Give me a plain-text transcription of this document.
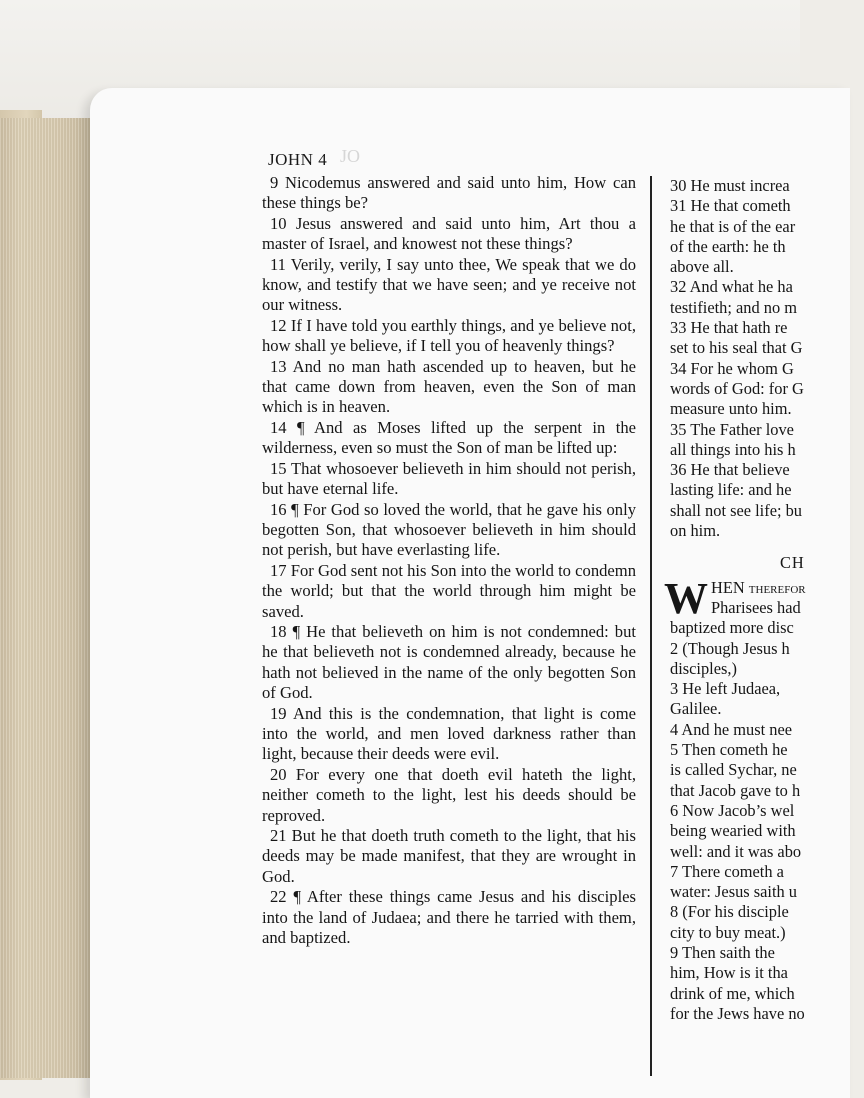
JO
JOHN 4

9 Nicodemus answered and said unto him, How can these things be?

10 Jesus answered and said unto him, Art thou a master of Israel, and knowest not these things?

11 Verily, verily, I say unto thee, We speak that we do know, and testify that we have seen; and ye receive not our witness.

12 If I have told you earthly things, and ye believe not, how shall ye believe, if I tell you of heavenly things?

13 And no man hath ascended up to heaven, but he that came down from heaven, even the Son of man which is in heaven.

14 ¶ And as Moses lifted up the serpent in the wilderness, even so must the Son of man be lifted up:

15 That whosoever believeth in him should not perish, but have eternal life.

16 ¶ For God so loved the world, that he gave his only begotten Son, that whosoever believeth in him should not perish, but have everlasting life.

17 For God sent not his Son into the world to condemn the world; but that the world through him might be saved.

18 ¶ He that believeth on him is not condemned: but he that believeth not is condemned already, because he hath not believed in the name of the only begotten Son of God.

19 And this is the condemnation, that light is come into the world, and men loved darkness rather than light, because their deeds were evil.

20 For every one that doeth evil hateth the light, neither cometh to the light, lest his deeds should be reproved.

21 But he that doeth truth cometh to the light, that his deeds may be made manifest, that they are wrought in God.

22 ¶ After these things came Jesus and his disciples into the land of Judaea; and there he tarried with them, and baptized.

30 He must increa

31 He that cometh

he that is of the ear

of the earth: he th

above all.

32 And what he ha

testifieth; and no m

33 He that hath re

set to his seal that G

34 For he whom G

words of God: for G

measure unto him.

35 The Father love

all things into his h

36 He that believe

lasting life: and he

shall not see life; bu

on him.

CH

WHEN therefor

Pharisees had

baptized more disc

2 (Though Jesus h

disciples,)

3 He left Judaea,

Galilee.

4 And he must nee

5 Then cometh he

is called Sychar, ne

that Jacob gave to h

6 Now Jacob’s wel

being wearied with

well: and it was abo

7 There cometh a

water: Jesus saith u

8 (For his disciple

city to buy meat.)

9 Then saith the

him, How is it tha

drink of me, which

for the Jews have no
